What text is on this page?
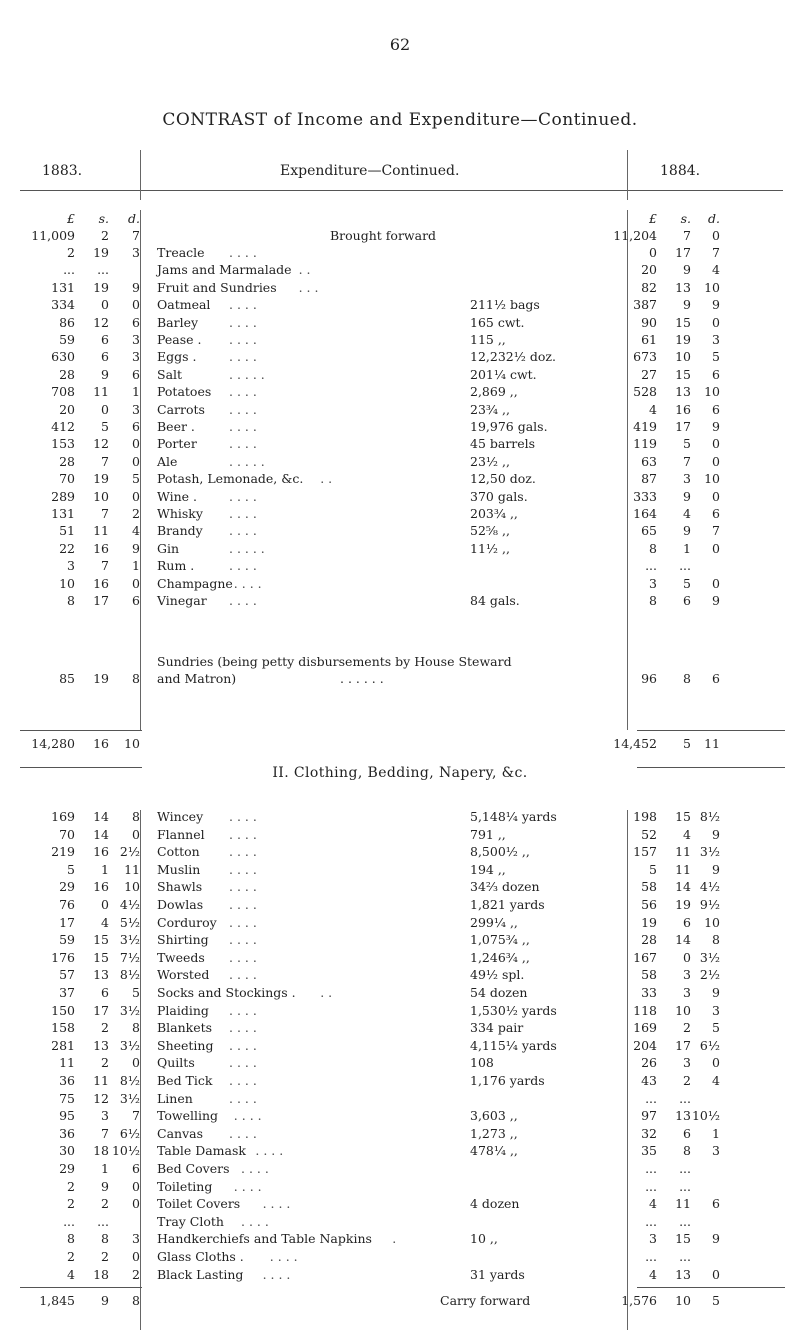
62
CONTRAST of Income and Expenditure—Continued.
1883.	Expenditure—Continued.	1884.
£ s. d.	£ s. d.
11,009 2 7	Brought forward	11,204 7 0
2 19 3 Treacle . . . .	0 17 7
... ...	Jams and Marmalade . .	20 9 4
131 19 9 Fruit and Sundries . . .	82 13 10
334 0 0 Oatmeal . . . .	211½ bags	387 9 9
86 12 6 Barley . . . .	165 cwt.	90 15 0
59 6 3 Pease . . . . .	115 ,,	61 19 3
630 6 3 Eggs .	. . . .	12,232½ doz.	673 10 5
28 9 6 Salt	. . . . .	201¼ cwt.	27 15 6
708 11 1 Potatoes . . . .	2,869 ,,	528 13 10
20 0 3 Carrots . . . .	23¾ ,,	4 16 6
412 5 6 Beer .	. . . .	19,976 gals.	419 17 9
153 12 0 Porter	. . . .	45 barrels	119 5 0
28 7 0 Ale	. . . . .	23½ ,,	63 7 0
70 19 5 Potash, Lemonade, &c. . .	12,50 doz.	87 3 10
289 10 0 Wine .	. . . .	370 gals.	333 9 0
131 7 2 Whisky . . . .	203¾ ,,	164 4 6
51 11 4 Brandy . . . .	52⅝ ,,	65 9 7
22 16 9 Gin	. . . . .	11½ ,,	8 1 0
3 7 1 Rum .	. . . .	... ...
10 16 0 Champagne . . . .	3 5 0
8 17 6 Vinegar . . . .	84 gals.	8 6 9
Sundries (being petty disbursements by House Steward
85 19 8 and Matron)	. . . . . .	96 8 6
14,280 16 10	14,452 5 11
II. Clothing, Bedding, Napery, &c.
169 14 8 Wincey . . . .	5,148¼ yards	198 15 8½
70 14 0 Flannel . . . .	791 ,,	52 4 9
219 16 2½ Cotton . . . .	8,500½ ,,	157 11 3½
5 1 11 Muslin . . . .	194 ,,	5 11 9
29 16 10 Shawls . . . .	34⅔ dozen	58 14 4½
76 0 4½ Dowlas . . . .	1,821 yards	56 19 9½
17 4 5½ Corduroy . . . .	299¼ ,,	19 6 10
59 15 3½ Shirting . . . .	1,075¾ ,,	28 14 8
176 15 7½ Tweeds . . . .	1,246¾ ,,	167 0 3½
57 13 8½ Worsted . . . .	49½ spl.	58 3 2½
37 6 5 Socks and Stockings . . .	54 dozen	33 3 9
150 17 3½ Plaiding . . . .	1,530½ yards	118 10 3
158 2 8 Blankets . . . .	334 pair	169 2 5
281 13 3½ Sheeting . . . .	4,115¼ yards	204 17 6½
11 2 0 Quilts	. . . .	108	26 3 0
36 11 8½ Bed Tick . . . .	1,176 yards	43 2 4
75 12 3½ Linen	. . . .	... ...
95 3 7 Towelling . . . .	3,603 ,,	97 13 10½
36 7 6½ Canvas . . . .	1,273 ,,	32 6 1
30 18 10½ Table Damask . . . .	478¼ ,,	35 8 3
29 1 6 Bed Covers . . . .	... ...
2 9 0 Toileting . . . .	... ...
2 2 0 Toilet Covers . . . .	4 dozen	4 11 6
... ...	Tray Cloth . . . .	... ...
8 8 3 Handkerchiefs and Table Napkins .	10 ,,	3 15 9
2 2 0 Glass Cloths . . . . .	... ...
4 18 2 Black Lasting . . . .	31 yards	4 13 0
1,845 9 8	Carry forward	1,576 10 5
